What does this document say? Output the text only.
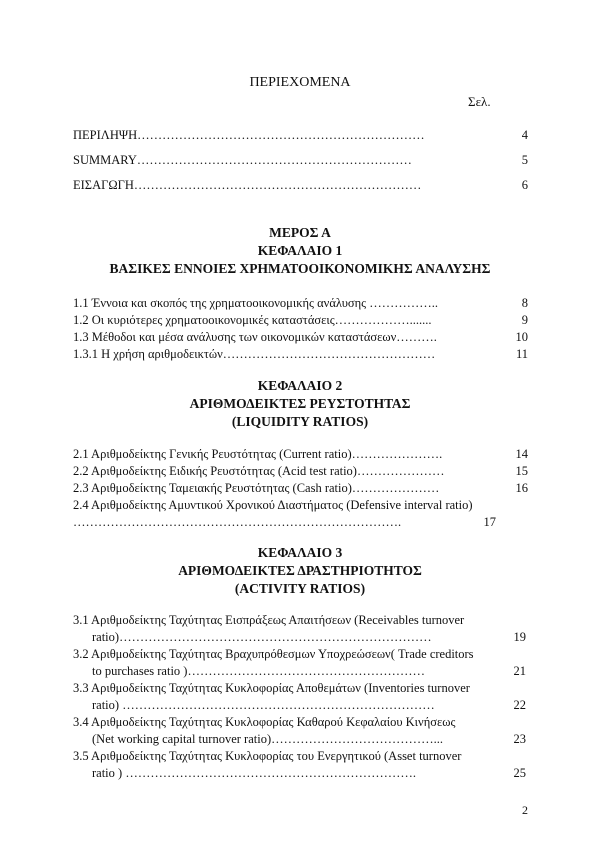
ΠΕΡΙΕΧΟΜΕΝΑ
Σελ.
ΠΕΡΙΛΗΨΗ……………………………………………………………	4
SUMMARY…………………………………………………………	5
ΕΙΣΑΓΩΓΗ……………………………………………………………	6
ΜΕΡΟΣ Α
ΚΕΦΑΛΑΙΟ 1
ΒΑΣΙΚΕΣ ΕΝΝΟΙΕΣ ΧΡΗΜΑΤΟΟΙΚΟΝΟΜΙΚΗΣ ΑΝΑΛΥΣΗΣ
1.1 Έννοια και σκοπός της χρηματοοικονομικής ανάλυσης ……………..	8
1.2 Οι κυριότερες χρηματοοικονομικές καταστάσεις……………….......	9
1.3 Μέθοδοι και μέσα ανάλυσης των οικονομικών καταστάσεων……….	10
1.3.1 Η χρήση αριθμοδεικτών……………………………………………	11
ΚΕΦΑΛΑΙΟ 2
ΑΡΙΘΜΟΔΕΙΚΤΕΣ ΡΕΥΣΤΟΤΗΤΑΣ
(LIQUIDITY RATIOS)
2.1 Αριθμοδείκτης Γενικής Ρευστότητας (Current ratio)………………….	14
2.2 Αριθμοδείκτης Ειδικής Ρευστότητας (Acid test ratio)…………………	15
2.3 Αριθμοδείκτης Ταμειακής Ρευστότητας (Cash ratio)…………………	16
2.4 Αριθμοδείκτης Αμυντικού Χρονικού Διαστήματος (Defensive interval ratio)
…………………………………………………………………….	17
ΚΕΦΑΛΑΙΟ 3
ΑΡΙΘΜΟΔΕΙΚΤΕΣ ΔΡΑΣΤΗΡΙΟΤΗΤΟΣ
(ACTIVITY RATIOS)
3.1 Αριθμοδείκτης Ταχύτητας Εισπράξεως Απαιτήσεων (Receivables turnover
ratio)…………………………………………………………………	19
3.2 Αριθμοδείκτης Ταχύτητας Βραχυπρόθεσμων Υποχρεώσεων( Trade creditors
to purchases ratio )…………………………………………………	21
3.3 Αριθμοδείκτης Ταχύτητας Κυκλοφορίας Αποθεμάτων (Inventories turnover
ratio) …………………………………………………………………	22
3.4 Αριθμοδείκτης Ταχύτητας Κυκλοφορίας Καθαρού Κεφαλαίου Κινήσεως
(Net working capital turnover ratio)…………………………………...	23
3.5 Αριθμοδείκτης Ταχύτητας Κυκλοφορίας του Ενεργητικού (Asset turnover
ratio ) …………………………………………………………….	25
2
